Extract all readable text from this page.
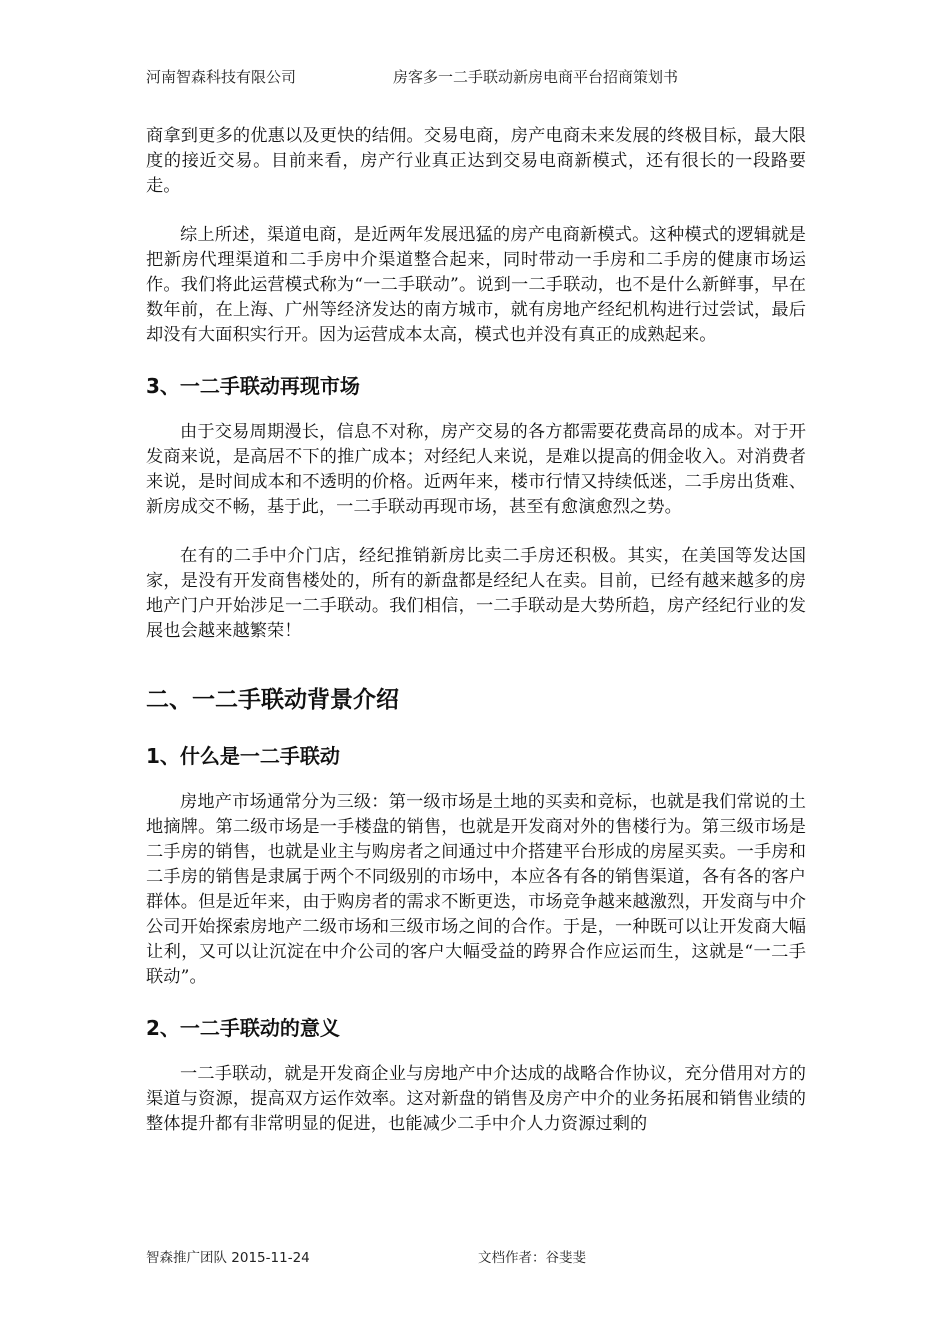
河南智森科技有限公司	房客多一二手联动新房电商平台招商策划书

商拿到更多的优惠以及更快的结佣。交易电商，房产电商未来发展的终极目标，最大限度的接近交易。目前来看，房产行业真正达到交易电商新模式，还有很长的一段路要走。

综上所述，渠道电商，是近两年发展迅猛的房产电商新模式。这种模式的逻辑就是把新房代理渠道和二手房中介渠道整合起来，同时带动一手房和二手房的健康市场运作。我们将此运营模式称为“一二手联动”。说到一二手联动，也不是什么新鲜事，早在数年前，在上海、广州等经济发达的南方城市，就有房地产经纪机构进行过尝试，最后却没有大面积实行开。因为运营成本太高，模式也并没有真正的成熟起来。

3、一二手联动再现市场

由于交易周期漫长，信息不对称，房产交易的各方都需要花费高昂的成本。对于开发商来说，是高居不下的推广成本；对经纪人来说，是难以提高的佣金收入。对消费者来说，是时间成本和不透明的价格。近两年来，楼市行情又持续低迷，二手房出货难、新房成交不畅，基于此，一二手联动再现市场，甚至有愈演愈烈之势。

在有的二手中介门店，经纪推销新房比卖二手房还积极。其实，在美国等发达国家，是没有开发商售楼处的，所有的新盘都是经纪人在卖。目前，已经有越来越多的房地产门户开始涉足一二手联动。我们相信，一二手联动是大势所趋，房产经纪行业的发展也会越来越繁荣！

二、一二手联动背景介绍
1、什么是一二手联动

房地产市场通常分为三级：第一级市场是土地的买卖和竞标，也就是我们常说的土地摘牌。第二级市场是一手楼盘的销售，也就是开发商对外的售楼行为。第三级市场是二手房的销售，也就是业主与购房者之间通过中介搭建平台形成的房屋买卖。一手房和二手房的销售是隶属于两个不同级别的市场中，本应各有各的销售渠道，各有各的客户群体。但是近年来，由于购房者的需求不断更迭，市场竞争越来越激烈，开发商与中介公司开始探索房地产二级市场和三级市场之间的合作。于是，一种既可以让开发商大幅让利，又可以让沉淀在中介公司的客户大幅受益的跨界合作应运而生，这就是“一二手联动”。

2、一二手联动的意义

一二手联动，就是开发商企业与房地产中介达成的战略合作协议，充分借用对方的渠道与资源，提高双方运作效率。这对新盘的销售及房产中介的业务拓展和销售业绩的整体提升都有非常明显的促进，也能减少二手中介人力资源过剩的

智森推广团队 2015-11-24	文档作者：谷斐斐
